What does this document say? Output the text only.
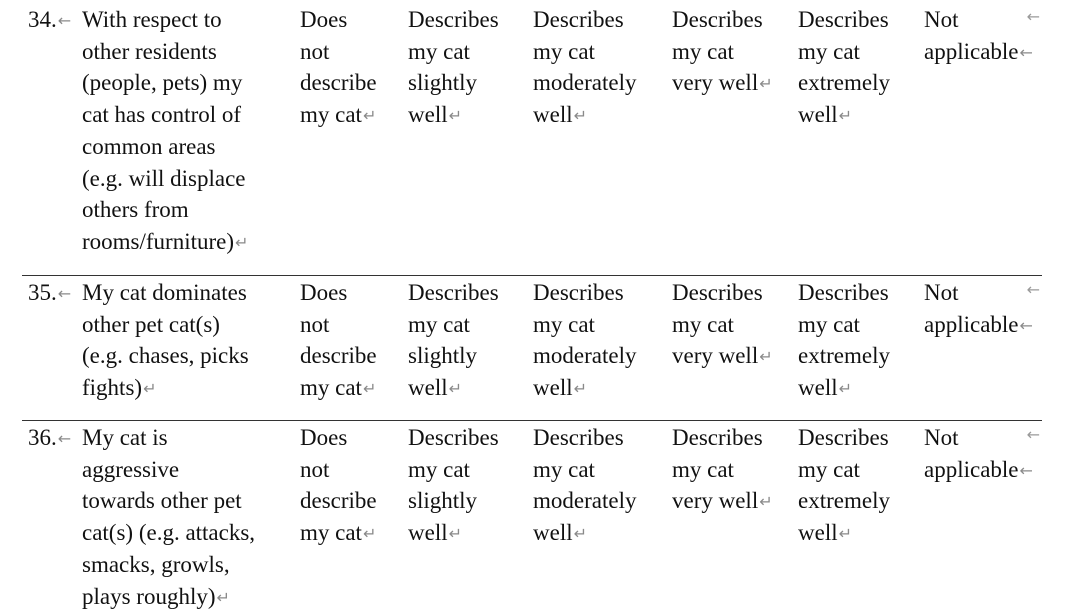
34.← With respect to
other residents
(people, pets) my
cat has control of
common areas
(e.g. will displace
others from
rooms/furniture)↵
Does
not
describe
my cat↵
Describes
my cat
slightly
well↵
Describes
my cat
moderately
well↵
Describes
my cat
very well↵
Describes
my cat
extremely
well↵
Not
applicable←
←
35.← My cat dominates
other pet cat(s)
(e.g. chases, picks
fights)↵
Does
not
describe
my cat↵
Describes
my cat
slightly
well↵
Describes
my cat
moderately
well↵
Describes
my cat
very well↵
Describes
my cat
extremely
well↵
Not
applicable←
←
36.← My cat is
aggressive
towards other pet
cat(s) (e.g. attacks,
smacks, growls,
plays roughly)↵
Does
not
describe
my cat↵
Describes
my cat
slightly
well↵
Describes
my cat
moderately
well↵
Describes
my cat
very well↵
Describes
my cat
extremely
well↵
Not
applicable←
←
